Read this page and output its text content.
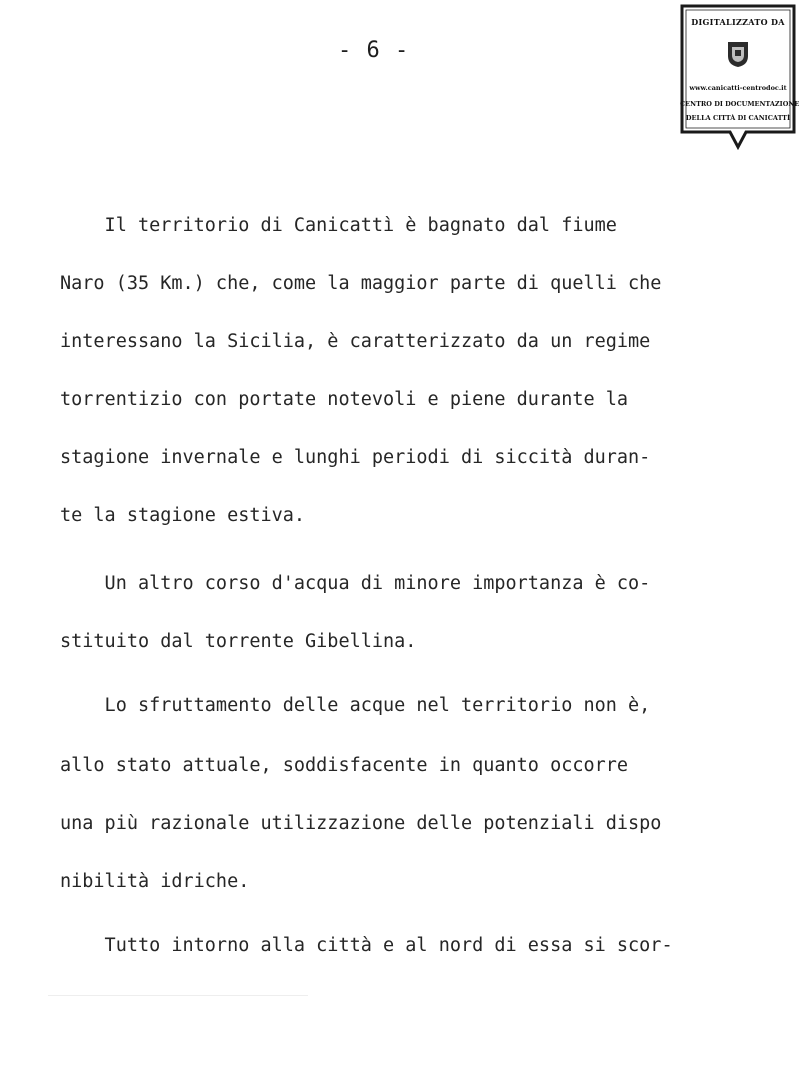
- 6 -
DIGITALIZZATO DA
www.canicatti-centrodoc.it
CENTRO DI DOCUMENTAZIONE
DELLA CITTÀ DI CANICATTÌ
Il territorio di Canicattì è bagnato dal fiume
Naro (35 Km.) che, come la maggior parte di quelli che
interessano la Sicilia, è caratterizzato da un regime
torrentizio con portate notevoli e piene durante la
stagione invernale e lunghi periodi di siccità duran-
te la stagione estiva.
Un altro corso d'acqua di minore importanza è co-
stituito dal torrente Gibellina.
Lo sfruttamento delle acque nel territorio non è,
allo stato attuale, soddisfacente in quanto occorre
una più razionale utilizzazione delle potenziali dispo
nibilità idriche.
Tutto intorno alla città e al nord di essa si scor-
